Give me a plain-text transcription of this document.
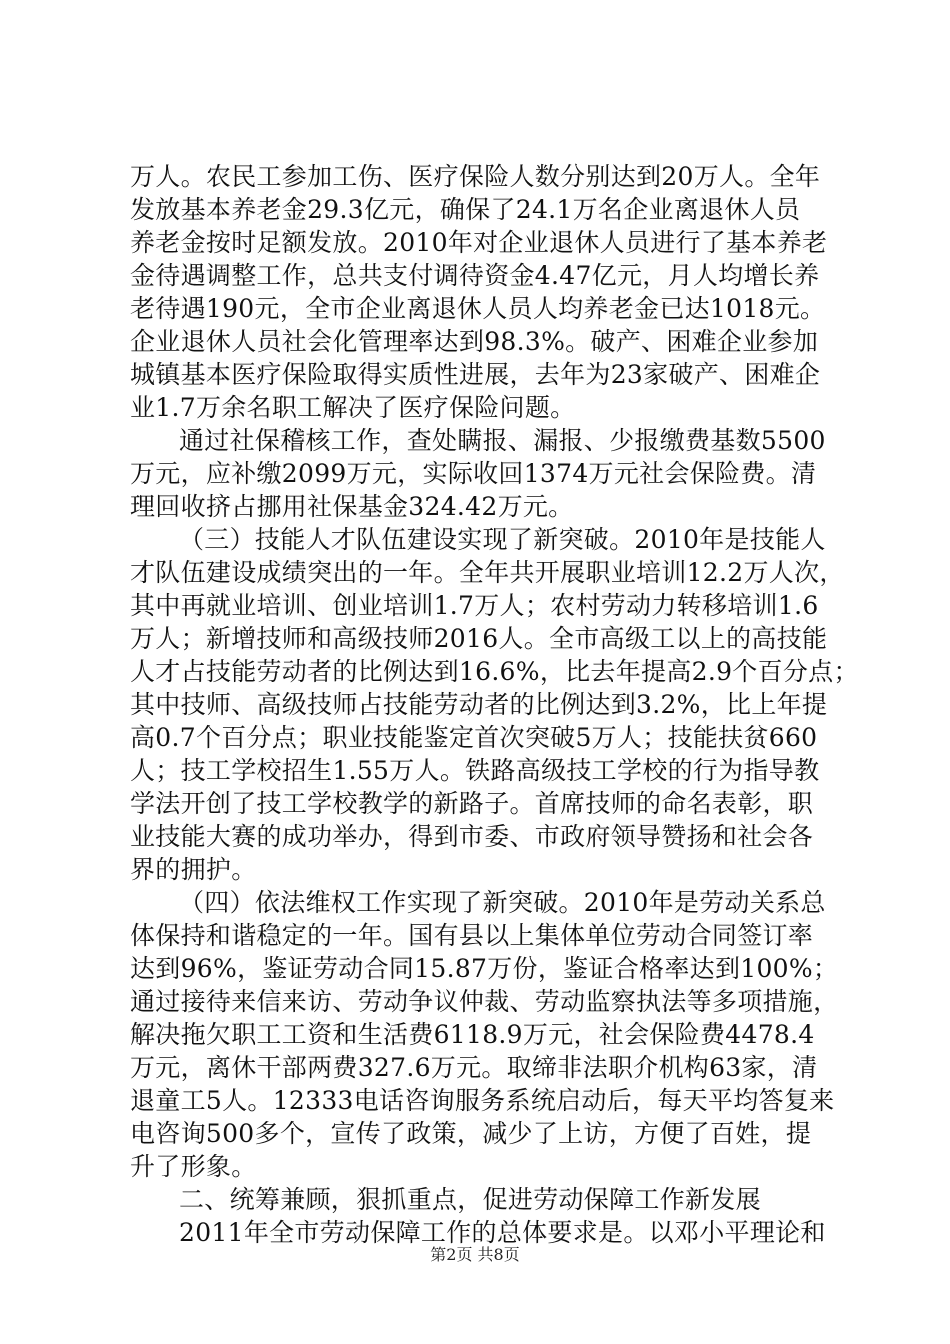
万人。农民工参加工伤、医疗保险人数分别达到20万人。全年
发放基本养老金29.3亿元，确保了24.1万名企业离退休人员
养老金按时足额发放。2010年对企业退休人员进行了基本养老
金待遇调整工作，总共支付调待资金4.47亿元，月人均增长养
老待遇190元，全市企业离退休人员人均养老金已达1018元。
企业退休人员社会化管理率达到98.3%。破产、困难企业参加
城镇基本医疗保险取得实质性进展，去年为23家破产、困难企
业1.7万余名职工解决了医疗保险问题。
通过社保稽核工作，查处瞒报、漏报、少报缴费基数5500
万元，应补缴2099万元，实际收回1374万元社会保险费。清
理回收挤占挪用社保基金324.42万元。
（三）技能人才队伍建设实现了新突破。2010年是技能人
才队伍建设成绩突出的一年。全年共开展职业培训12.2万人次，
其中再就业培训、创业培训1.7万人；农村劳动力转移培训1.6
万人；新增技师和高级技师2016人。全市高级工以上的高技能
人才占技能劳动者的比例达到16.6%，比去年提高2.9个百分点；
其中技师、高级技师占技能劳动者的比例达到3.2%，比上年提
高0.7个百分点；职业技能鉴定首次突破5万人；技能扶贫660
人；技工学校招生1.55万人。铁路高级技工学校的行为指导教
学法开创了技工学校教学的新路子。首席技师的命名表彰，职
业技能大赛的成功举办，得到市委、市政府领导赞扬和社会各
界的拥护。
（四）依法维权工作实现了新突破。2010年是劳动关系总
体保持和谐稳定的一年。国有县以上集体单位劳动合同签订率
达到96%，鉴证劳动合同15.87万份，鉴证合格率达到100%；
通过接待来信来访、劳动争议仲裁、劳动监察执法等多项措施，
解决拖欠职工工资和生活费6118.9万元，社会保险费4478.4
万元，离休干部两费327.6万元。取缔非法职介机构63家，清
退童工5人。12333电话咨询服务系统启动后，每天平均答复来
电咨询500多个，宣传了政策，减少了上访，方便了百姓，提
升了形象。
二、统筹兼顾，狠抓重点，促进劳动保障工作新发展
2011年全市劳动保障工作的总体要求是。以邓小平理论和
第2页 共8页
